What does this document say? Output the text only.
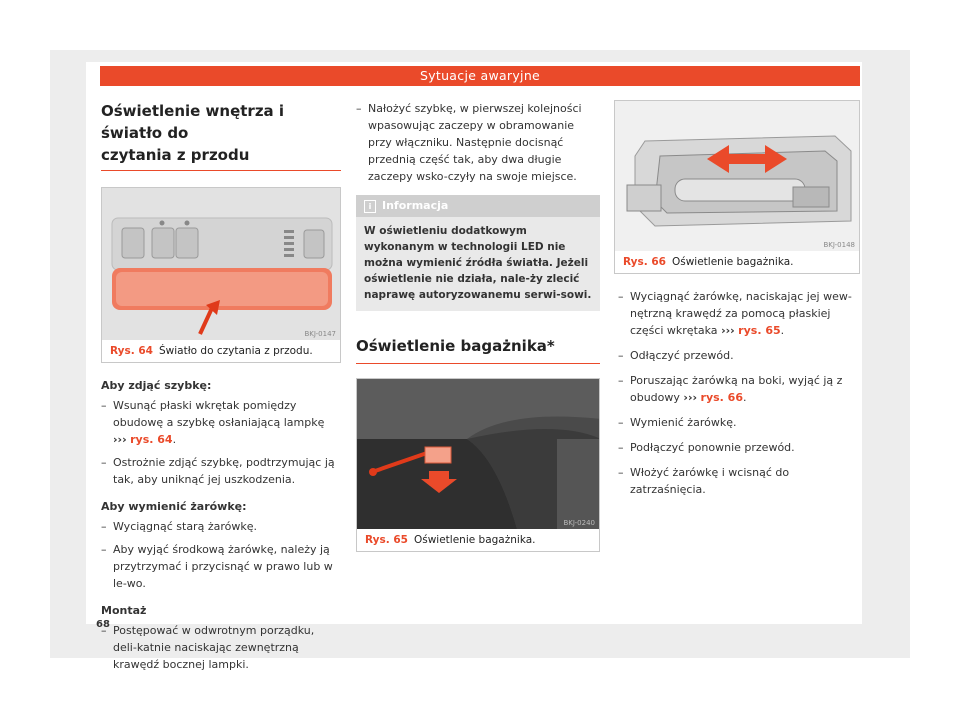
Sytuacje awaryjne
Oświetlenie wnętrza i światło do
czytania z przodu
BKJ-0147
Rys. 64 Światło do czytania z przodu.

Aby zdjąć szybkę:

– Wsunąć płaski wkrętak pomiędzy obudowę a szybkę osłaniającą lampkę ››› rys. 64.

– Ostrożnie zdjąć szybkę, podtrzymując ją tak, aby uniknąć jej uszkodzenia.

Aby wymienić żarówkę:

– Wyciągnąć starą żarówkę.

– Aby wyjąć środkową żarówkę, należy ją przytrzymać i przycisnąć w prawo lub w le-wo.

Montaż

– Postępować w odwrotnym porządku, deli-katnie naciskając zewnętrzną krawędź bocznej lampki.

– Nałożyć szybkę, w pierwszej kolejności wpasowując zaczepy w obramowanie przy włączniku. Następnie docisnąć przednią część tak, aby dwa długie zaczepy wsko-czyły na swoje miejsce.

i Informacja
W oświetleniu dodatkowym wykonanym w technologii LED nie można wymienić źródła światła. Jeżeli oświetlenie nie działa, nale-ży zlecić naprawę autoryzowanemu serwi-sowi.
Oświetlenie bagażnika*
BKJ-0240
Rys. 65 Oświetlenie bagażnika.
BKJ-0148
Rys. 66 Oświetlenie bagażnika.

– Wyciągnąć żarówkę, naciskając jej wew-nętrzną krawędź za pomocą płaskiej części wkrętaka ››› rys. 65.

– Odłączyć przewód.

– Poruszając żarówką na boki, wyjąć ją z obudowy ››› rys. 66.

– Wymienić żarówkę.

– Podłączyć ponownie przewód.

– Włożyć żarówkę i wcisnąć do zatrzaśnięcia.

68
